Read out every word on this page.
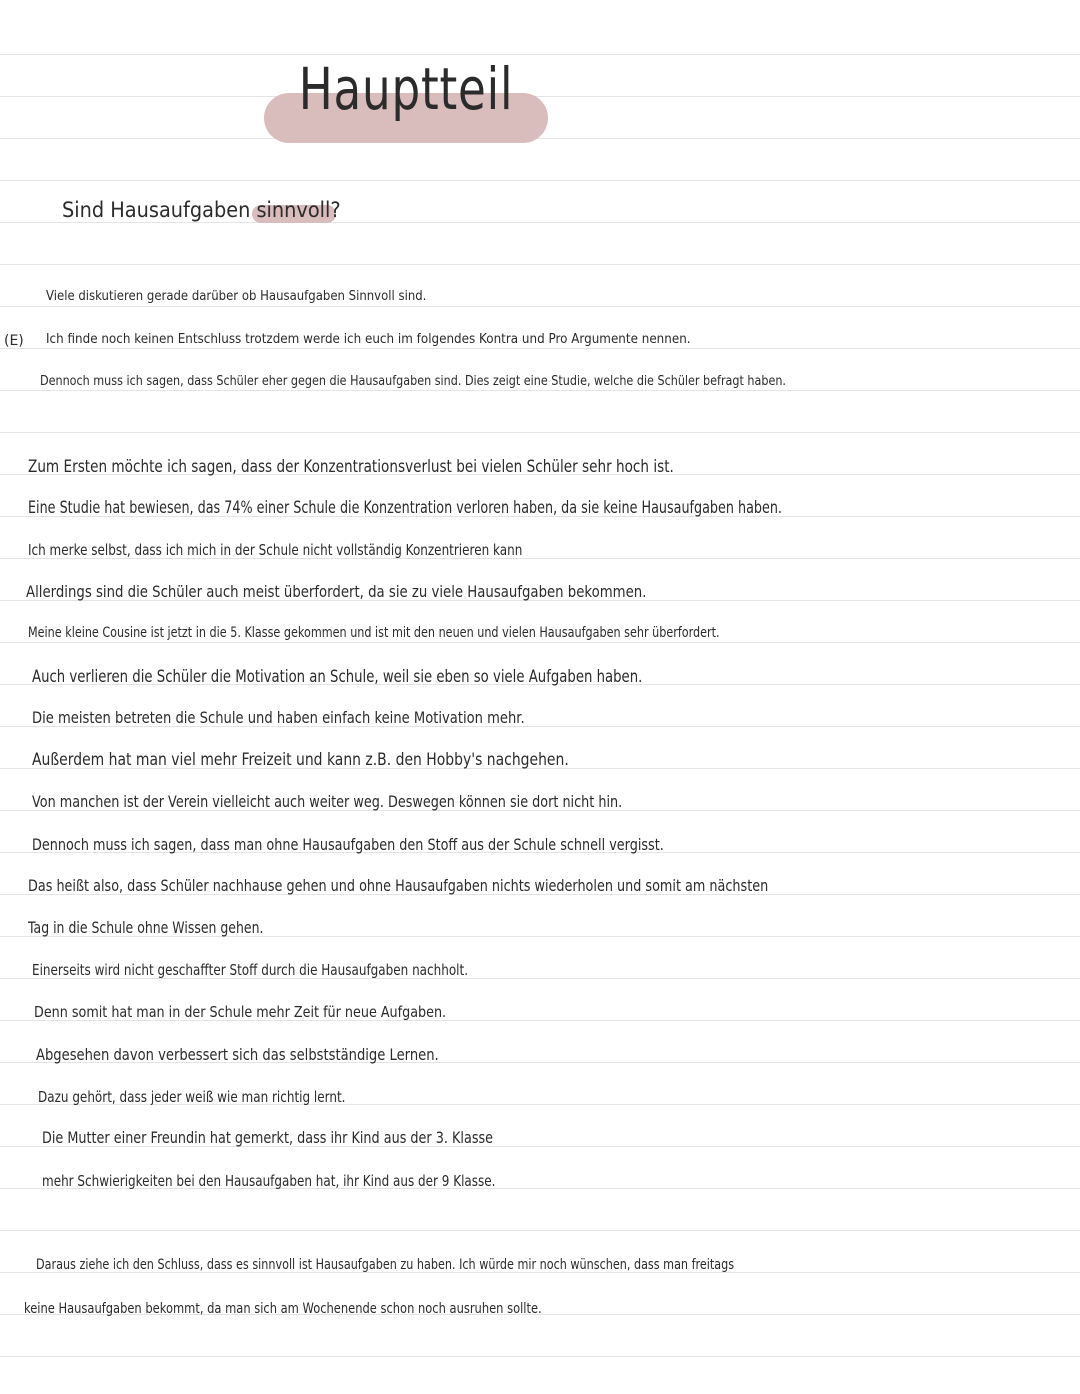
Hauptteil
Sind Hausaufgaben sinnvoll?
(E)
Viele diskutieren gerade darüber ob Hausaufgaben Sinnvoll sind.
Ich finde noch keinen Entschluss trotzdem werde ich euch im folgendes Kontra und Pro Argumente nennen.
Dennoch muss ich sagen, dass Schüler eher gegen die Hausaufgaben sind. Dies zeigt eine Studie, welche die Schüler befragt haben.
Zum Ersten möchte ich sagen, dass der Konzentrationsverlust bei vielen Schüler sehr hoch ist.
Eine Studie hat bewiesen, das 74% einer Schule die Konzentration verloren haben, da sie keine Hausaufgaben haben.
Ich merke selbst, dass ich mich in der Schule nicht vollständig Konzentrieren kann
Allerdings sind die Schüler auch meist überfordert, da sie zu viele Hausaufgaben bekommen.
Meine kleine Cousine ist jetzt in die 5. Klasse gekommen und ist mit den neuen und vielen Hausaufgaben sehr überfordert.
Auch verlieren die Schüler die Motivation an Schule, weil sie eben so viele Aufgaben haben.
Die meisten betreten die Schule und haben einfach keine Motivation mehr.
Außerdem hat man viel mehr Freizeit und kann z.B. den Hobby's nachgehen.
Von manchen ist der Verein vielleicht auch weiter weg. Deswegen können sie dort nicht hin.
Dennoch muss ich sagen, dass man ohne Hausaufgaben den Stoff aus der Schule schnell vergisst.
Das heißt also, dass Schüler nachhause gehen und ohne Hausaufgaben nichts wiederholen und somit am nächsten
Tag in die Schule ohne Wissen gehen.
Einerseits wird nicht geschaffter Stoff durch die Hausaufgaben nachholt.
Denn somit hat man in der Schule mehr Zeit für neue Aufgaben.
Abgesehen davon verbessert sich das selbstständige Lernen.
Dazu gehört, dass jeder weiß wie man richtig lernt.
Die Mutter einer Freundin hat gemerkt, dass ihr Kind aus der 3. Klasse
mehr Schwierigkeiten bei den Hausaufgaben hat, ihr Kind aus der 9 Klasse.
Daraus ziehe ich den Schluss, dass es sinnvoll ist Hausaufgaben zu haben. Ich würde mir noch wünschen, dass man freitags
keine Hausaufgaben bekommt, da man sich am Wochenende schon noch ausruhen sollte.
